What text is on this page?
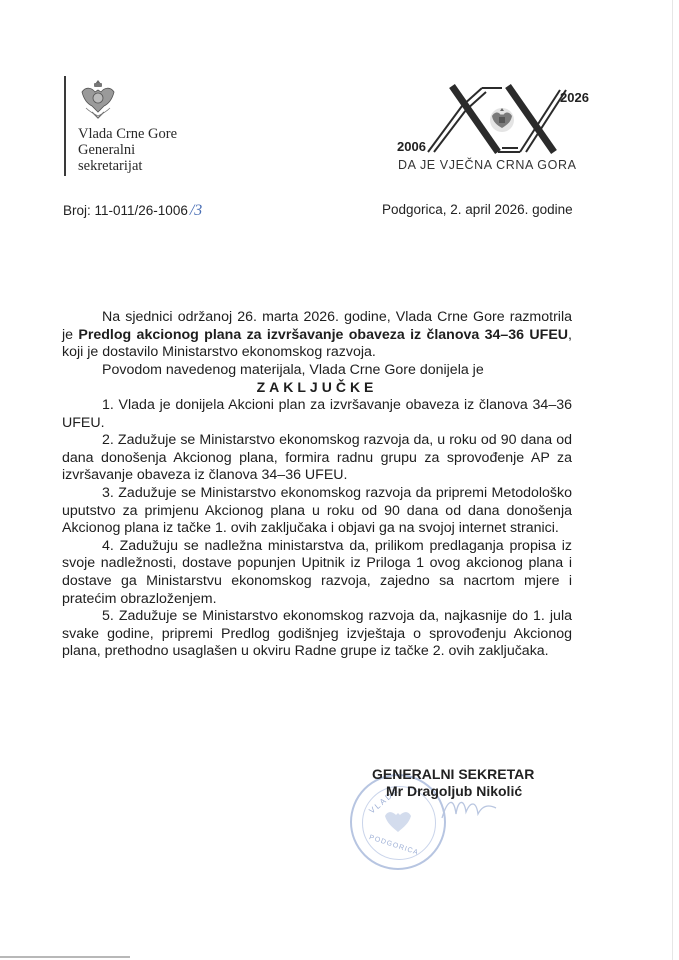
Vlada Crne Gore
Generalni
sekretarijat
2006
2026
DA JE VJEČNA CRNA GORA
Broj: 11-011/26-1006 /3	Podgorica, 2. april 2026. godine

Na sjednici održanoj 26. marta 2026. godine, Vlada Crne Gore razmotrila je Predlog akcionog plana za izvršavanje obaveza iz članova 34–36 UFEU, koji je dostavilo Ministarstvo ekonomskog razvoja.

Povodom navedenog materijala, Vlada Crne Gore donijela je

ZAKLJUČKE

1. Vlada je donijela Akcioni plan za izvršavanje obaveza iz članova 34–36 UFEU.

2. Zadužuje se Ministarstvo ekonomskog razvoja da, u roku od 90 dana od dana donošenja Akcionog plana, formira radnu grupu za sprovođenje AP za izvršavanje obaveza iz članova 34–36 UFEU.

3. Zadužuje se Ministarstvo ekonomskog razvoja da pripremi Metodološko uputstvo za primjenu Akcionog plana u roku od 90 dana od dana donošenja Akcionog plana iz tačke 1. ovih zaključaka i objavi ga na svojoj internet stranici.

4. Zadužuju se nadležna ministarstva da, prilikom predlaganja propisa iz svoje nadležnosti, dostave popunjen Upitnik iz Priloga 1 ovog akcionog plana i dostave ga Ministarstvu ekonomskog razvoja, zajedno sa nacrtom mjere i pratećim obrazloženjem.

5. Zadužuje se Ministarstvo ekonomskog razvoja da, najkasnije do 1. jula svake godine, pripremi Predlog godišnjeg izvještaja o sprovođenju Akcionog plana, prethodno usaglašen u okviru Radne grupe iz tačke 2. ovih zaključaka.

VLADA
PODGORICA
GENERALNI SEKRETAR
Mr Dragoljub Nikolić
